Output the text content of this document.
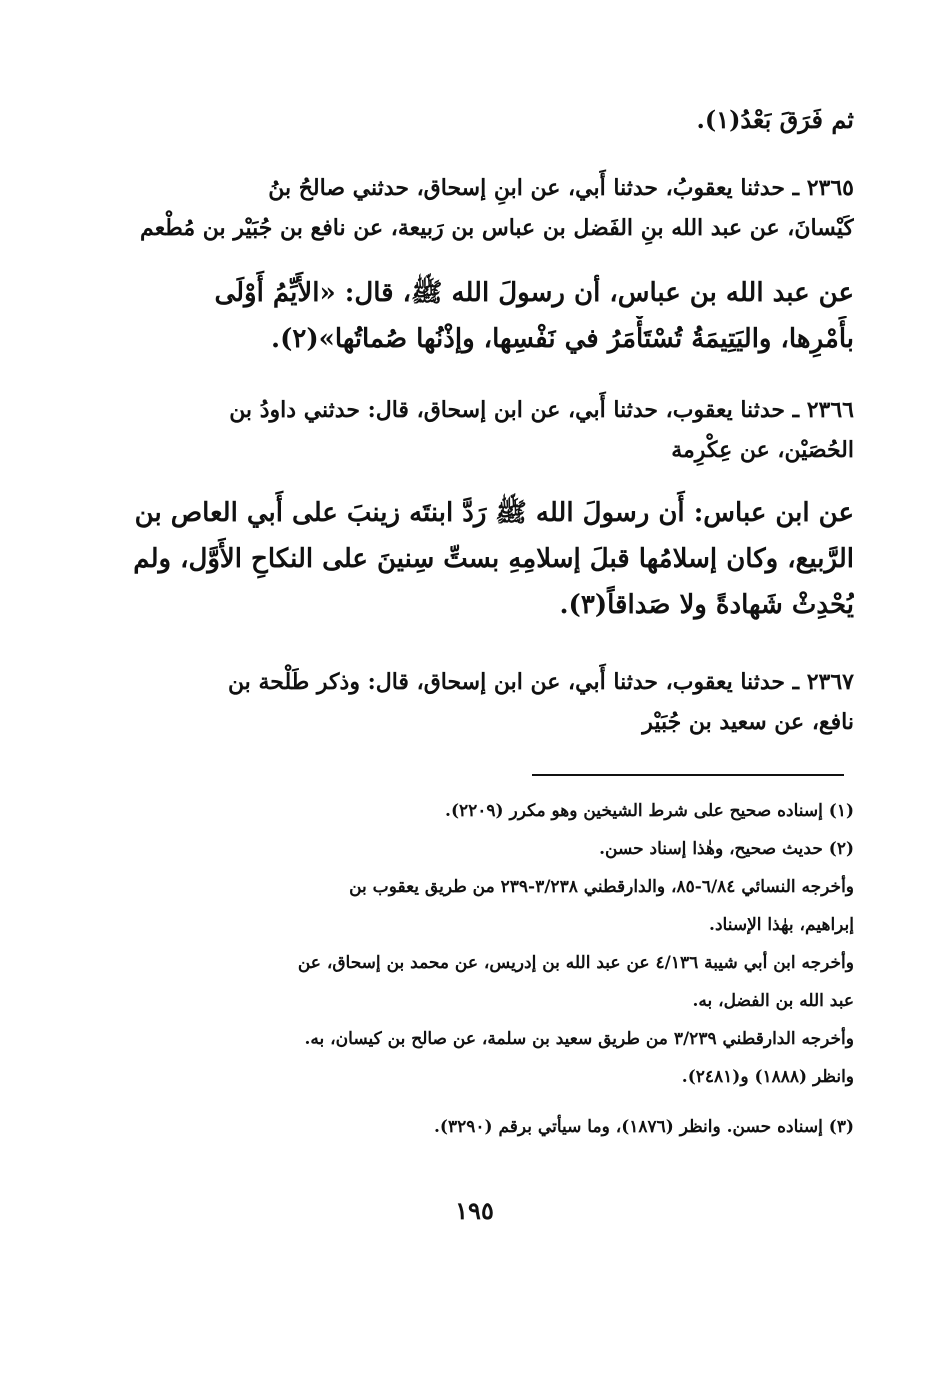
ثم فَرَقَ بَعْدُ(١).
٢٣٦٥ ـ حدثنا يعقوبُ، حدثنا أَبي، عن ابنِ إسحاق، حدثني صالحُ بنُ
كَيْسانَ، عن عبد الله بنِ الفَضل بن عباس بن رَبيعة، عن نافع بن جُبَيْر بن مُطْعم
عن عبد الله بن عباس، أن رسولَ الله ﷺ، قال: «الأَيِّمُ أَوْلَى
بأَمْرِها، واليَتِيمَةُ تُسْتَأْمَرُ في نَفْسِها، وإذْنُها صُماتُها»(٢).
٢٣٦٦ ـ حدثنا يعقوب، حدثنا أَبي، عن ابن إسحاق، قال: حدثني داودُ بن
الحُصَيْن، عن عِكْرِمة
عن ابن عباس: أَن رسولَ الله ﷺ رَدَّ ابنتَه زينبَ على أَبي العاص بن
الرَّبيع، وكان إسلامُها قبلَ إسلامِهِ بستِّ سِنينَ على النكاحِ الأَوَّل، ولم
يُحْدِثْ شَهادةً ولا صَداقاً(٣).
٢٣٦٧ ـ حدثنا يعقوب، حدثنا أَبي، عن ابن إسحاق، قال: وذكر طَلْحة بن
نافع، عن سعيد بن جُبَيْر
(١) إسناده صحيح على شرط الشيخين وهو مكرر (٢٢٠٩).
(٢) حديث صحيح، وهٰذا إسناد حسن.
وأخرجه النسائي ٦/٨٤-٨٥، والدارقطني ٣/٢٣٨-٢٣٩ من طريق يعقوب بن
إبراهيم، بهٰذا الإسناد.
وأخرجه ابن أبي شيبة ٤/١٣٦ عن عبد الله بن إدريس، عن محمد بن إسحاق، عن
عبد الله بن الفضل، به.
وأخرجه الدارقطني ٣/٢٣٩ من طريق سعيد بن سلمة، عن صالح بن كيسان، به.
وانظر (١٨٨٨) و(٢٤٨١).
(٣) إسناده حسن. وانظر (١٨٧٦)، وما سيأتي برقم (٣٢٩٠).
١٩٥
